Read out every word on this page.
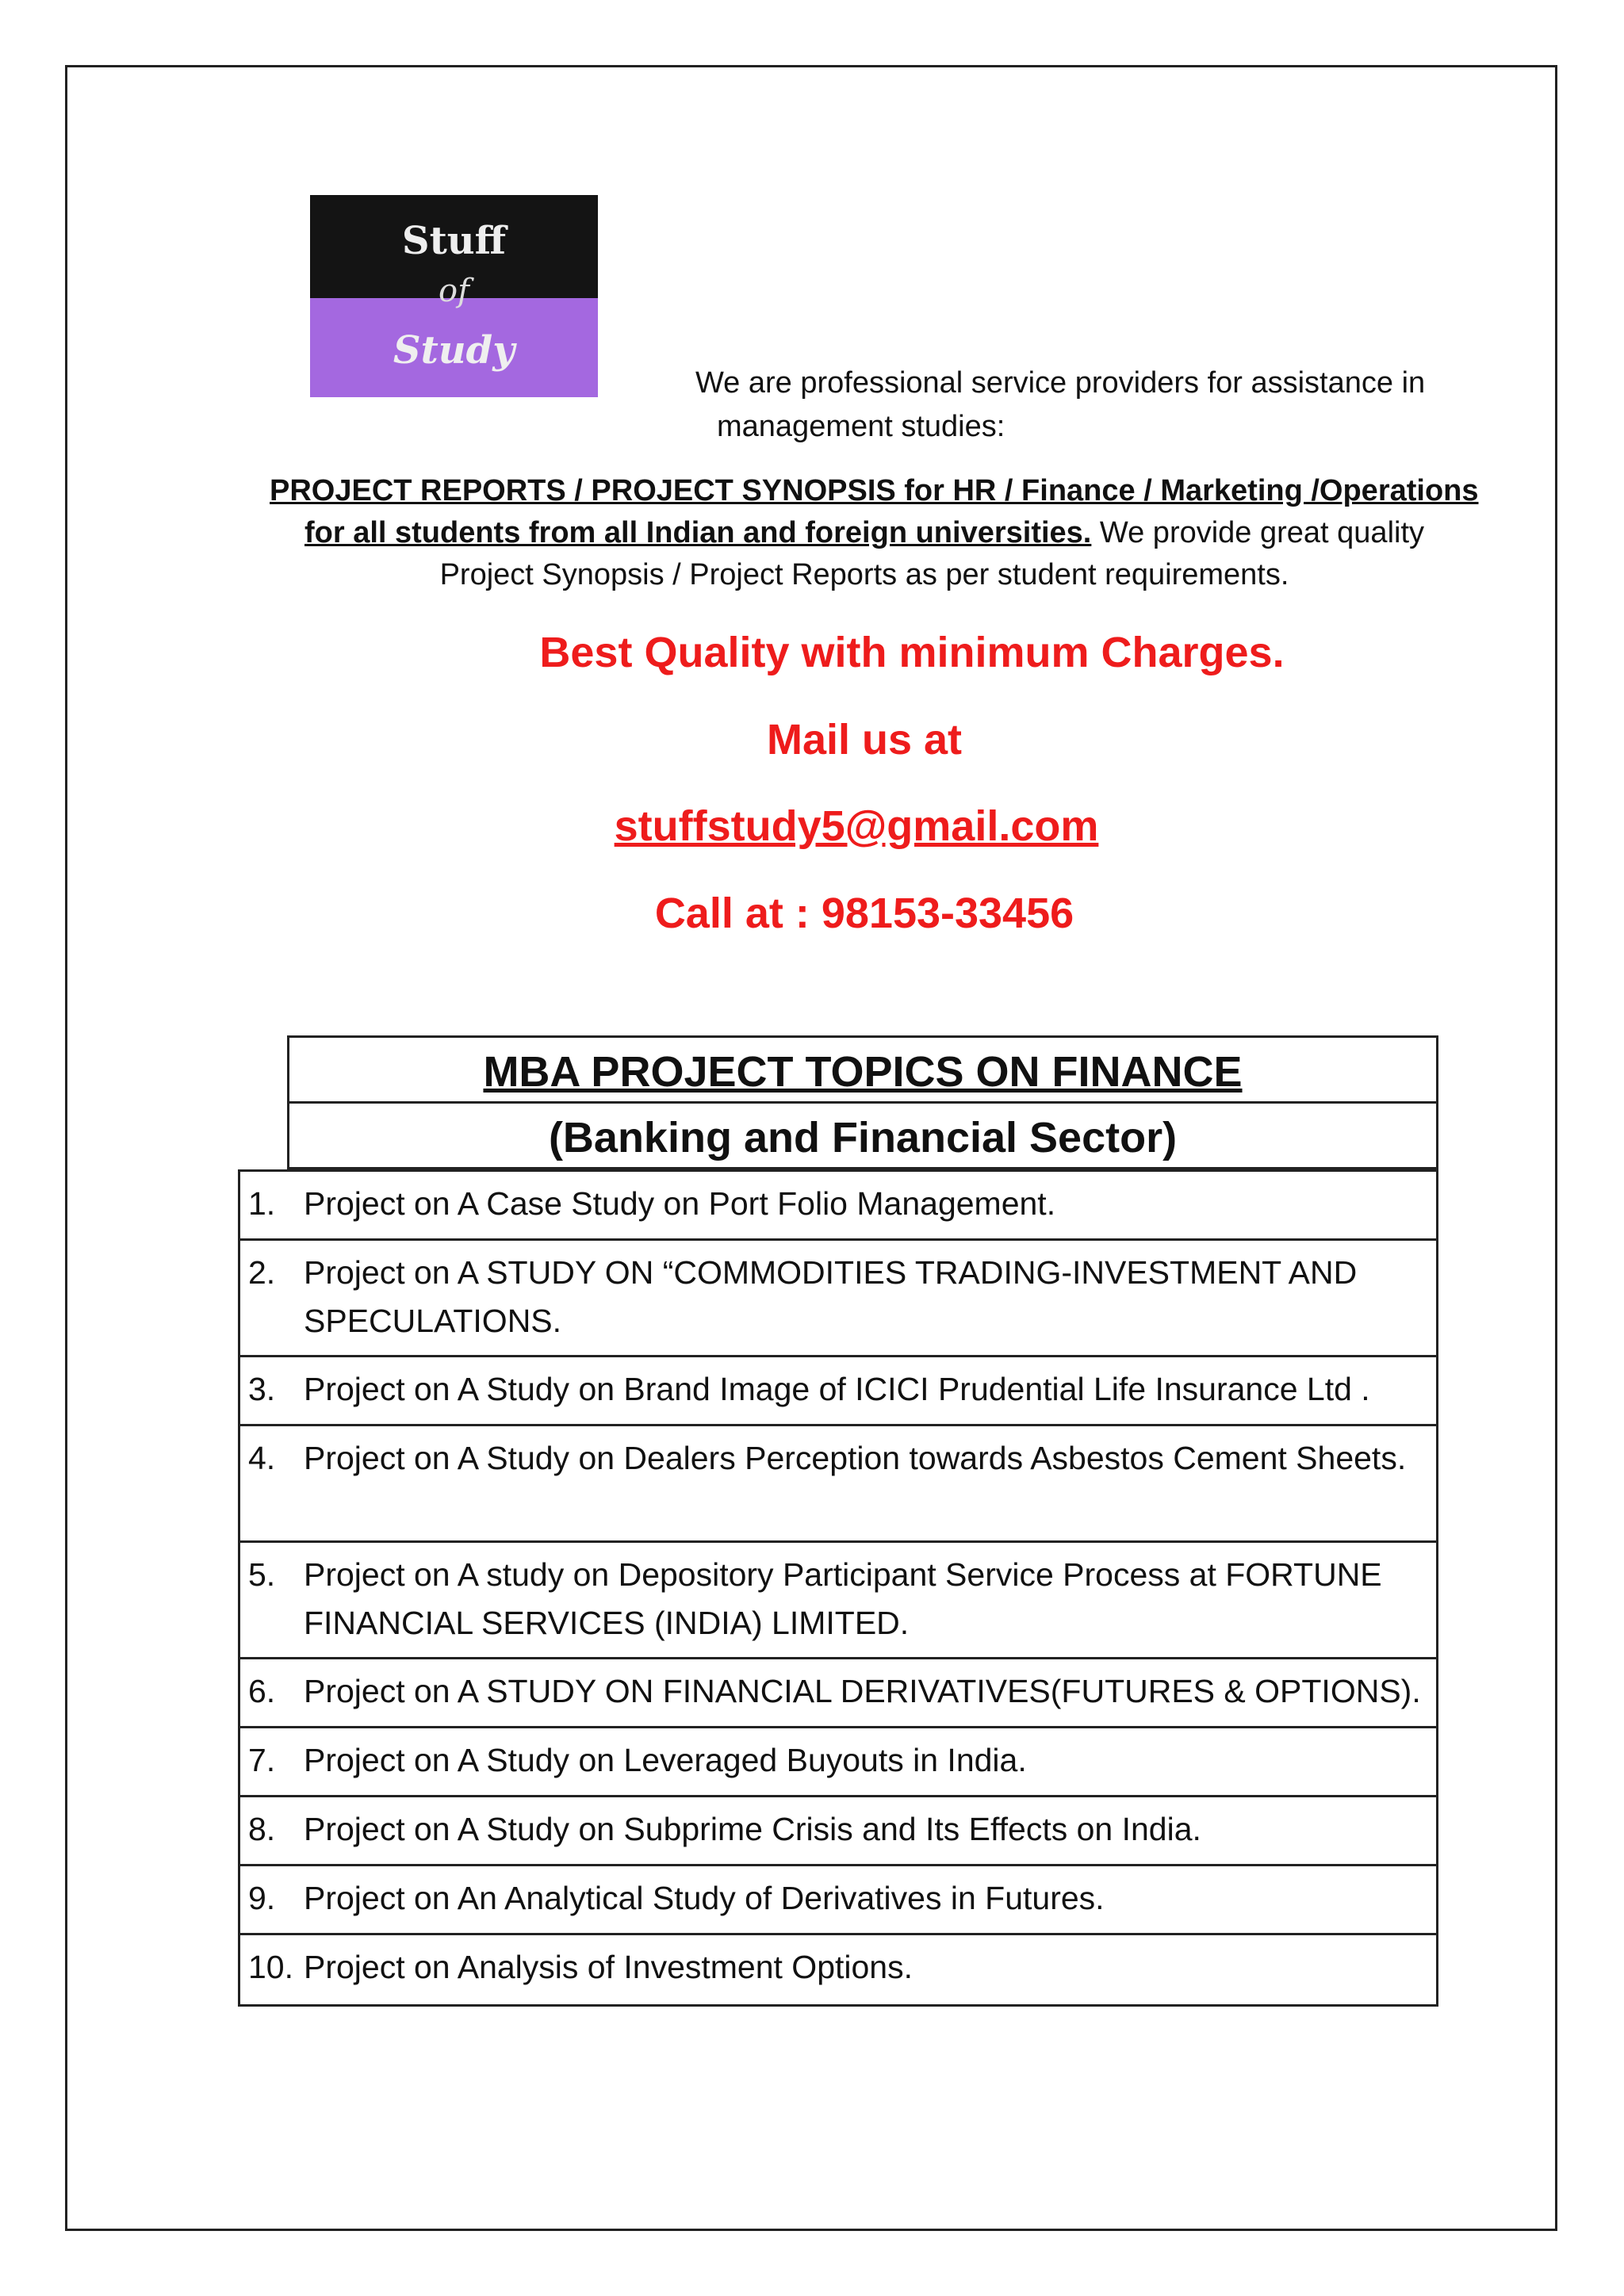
Stuff
of
Study
We are professional service providers for assistance in
management studies:
PROJECT REPORTS / PROJECT SYNOPSIS for HR / Finance / Marketing /Operations
for all students from all Indian and foreign universities. We provide great quality
Project Synopsis / Project Reports as per student requirements.
Best Quality with minimum Charges.
Mail us at
stuffstudy5@gmail.com
Call at : 98153-33456
MBA PROJECT TOPICS ON FINANCE
(Banking and Financial Sector)
1. Project on A Case Study on Port Folio Management.
2. Project on A STUDY ON “COMMODITIES TRADING-INVESTMENT AND SPECULATIONS.
3. Project on A Study on Brand Image of ICICI Prudential Life Insurance Ltd .
4. Project on A Study on Dealers Perception towards Asbestos Cement Sheets.
5. Project on A study on Depository Participant Service Process at FORTUNE FINANCIAL SERVICES (INDIA) LIMITED.
6. Project on A STUDY ON FINANCIAL DERIVATIVES(FUTURES & OPTIONS).
7. Project on A Study on Leveraged Buyouts in India.
8. Project on A Study on Subprime Crisis and Its Effects on India.
9. Project on An Analytical Study of Derivatives in Futures.
10. Project on Analysis of Investment Options.
